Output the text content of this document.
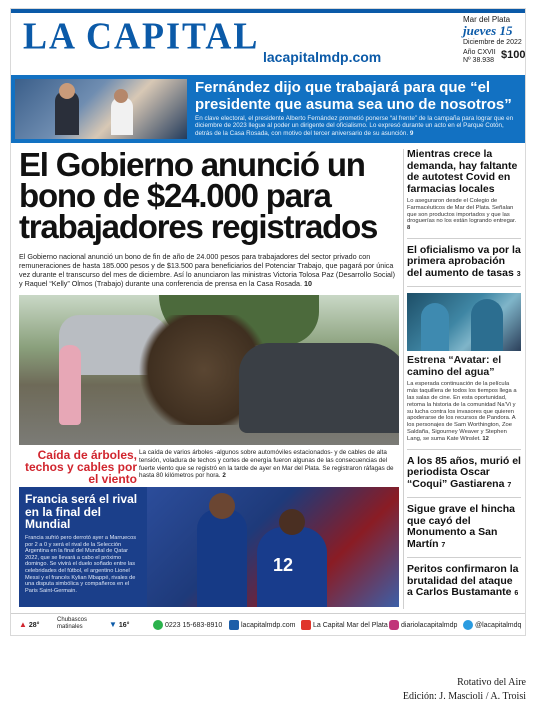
LA CAPITAL lacapitalmdp.com
Mar del Plata
jueves 15
Diciembre de 2022
Año CXVII
Nº 38.938 $100
Fernández dijo que trabajará para que “el presidente que asuma sea uno de nosotros”
En clave electoral, el presidente Alberto Fernández prometió ponerse “al frente” de la campaña para lograr que en diciembre de 2023 llegue al poder un dirigente del oficialismo. Lo expresó durante un acto en el Parque Cotón, detrás de la Casa Rosada, con motivo del tercer aniversario de su asunción. 9
El Gobierno anunció un bono de $24.000 para trabajadores registrados
El Gobierno nacional anunció un bono de fin de año de 24.000 pesos para trabajadores del sector privado con remuneraciones de hasta 185.000 pesos y de $13.500 para beneficiarios del Potenciar Trabajo, que pagará por única vez durante el transcurso del mes de diciembre. Así lo anunciaron las ministras Victoria Tolosa Paz (Desarrollo Social) y Raquel “Kelly” Olmos (Trabajo) durante una conferencia de prensa en la Casa Rosada. 10
Caída de árboles, techos y cables por el viento
La caída de varios árboles -algunos sobre automóviles estacionados- y de cables de alta tensión, voladura de techos y cortes de energía fueron algunas de las consecuencias del fuerte viento que se registró en la tarde de ayer en Mar del Plata. Se registraron ráfagas de hasta 80 kilómetros por hora. 2
Francia será el rival en la final del Mundial
Francia sufrió pero derrotó ayer a Marruecos por 2 a 0 y será el rival de la Selección Argentina en la final del Mundial de Qatar 2022, que se llevará a cabo el próximo domingo. Se vivirá el duelo soñado entre las celebridades del fútbol, el argentino Lionel Messi y el francés Kylian Mbappé, rivales de una disputa simbólica y compañeros en el Paris Saint-Germain.
12
Mientras crece la demanda, hay faltante de autotest Covid en farmacias locales
Lo aseguraron desde el Colegio de Farmacéuticos de Mar del Plata. Señalan que son productos importados y que las droguerías no los están logrando entregar. 8
El oficialismo va por la primera aprobación del aumento de tasas 3
Estrena “Avatar: el camino del agua”
La esperada continuación de la película más taquillera de todos los tiempos llega a las salas de cine. En esta oportunidad, retoma la historia de la comunidad Na’Vi y su lucha contra los invasores que quieren apoderarse de los recursos de Pandora. A los personajes de Sam Worthington, Zoe Saldaña, Sigourney Weaver y Stephen Lang, se suma Kate Winslet. 12
A los 85 años, murió el periodista Oscar “Coqui” Gastiarena 7
Sigue grave el hincha que cayó del Monumento a San Martín 7
Peritos confirmaron la brutalidad del ataque a Carlos Bustamante 6
▲ 28°
Chubascos matinales	▼ 16°	0223 15-683-8910	lacapitalmdp.com	La Capital Mar del Plata	diariolacapitalmdp	@lacapitalmdq
Rotativo del Aire
Edición: J. Mascioli / A. Troisi
